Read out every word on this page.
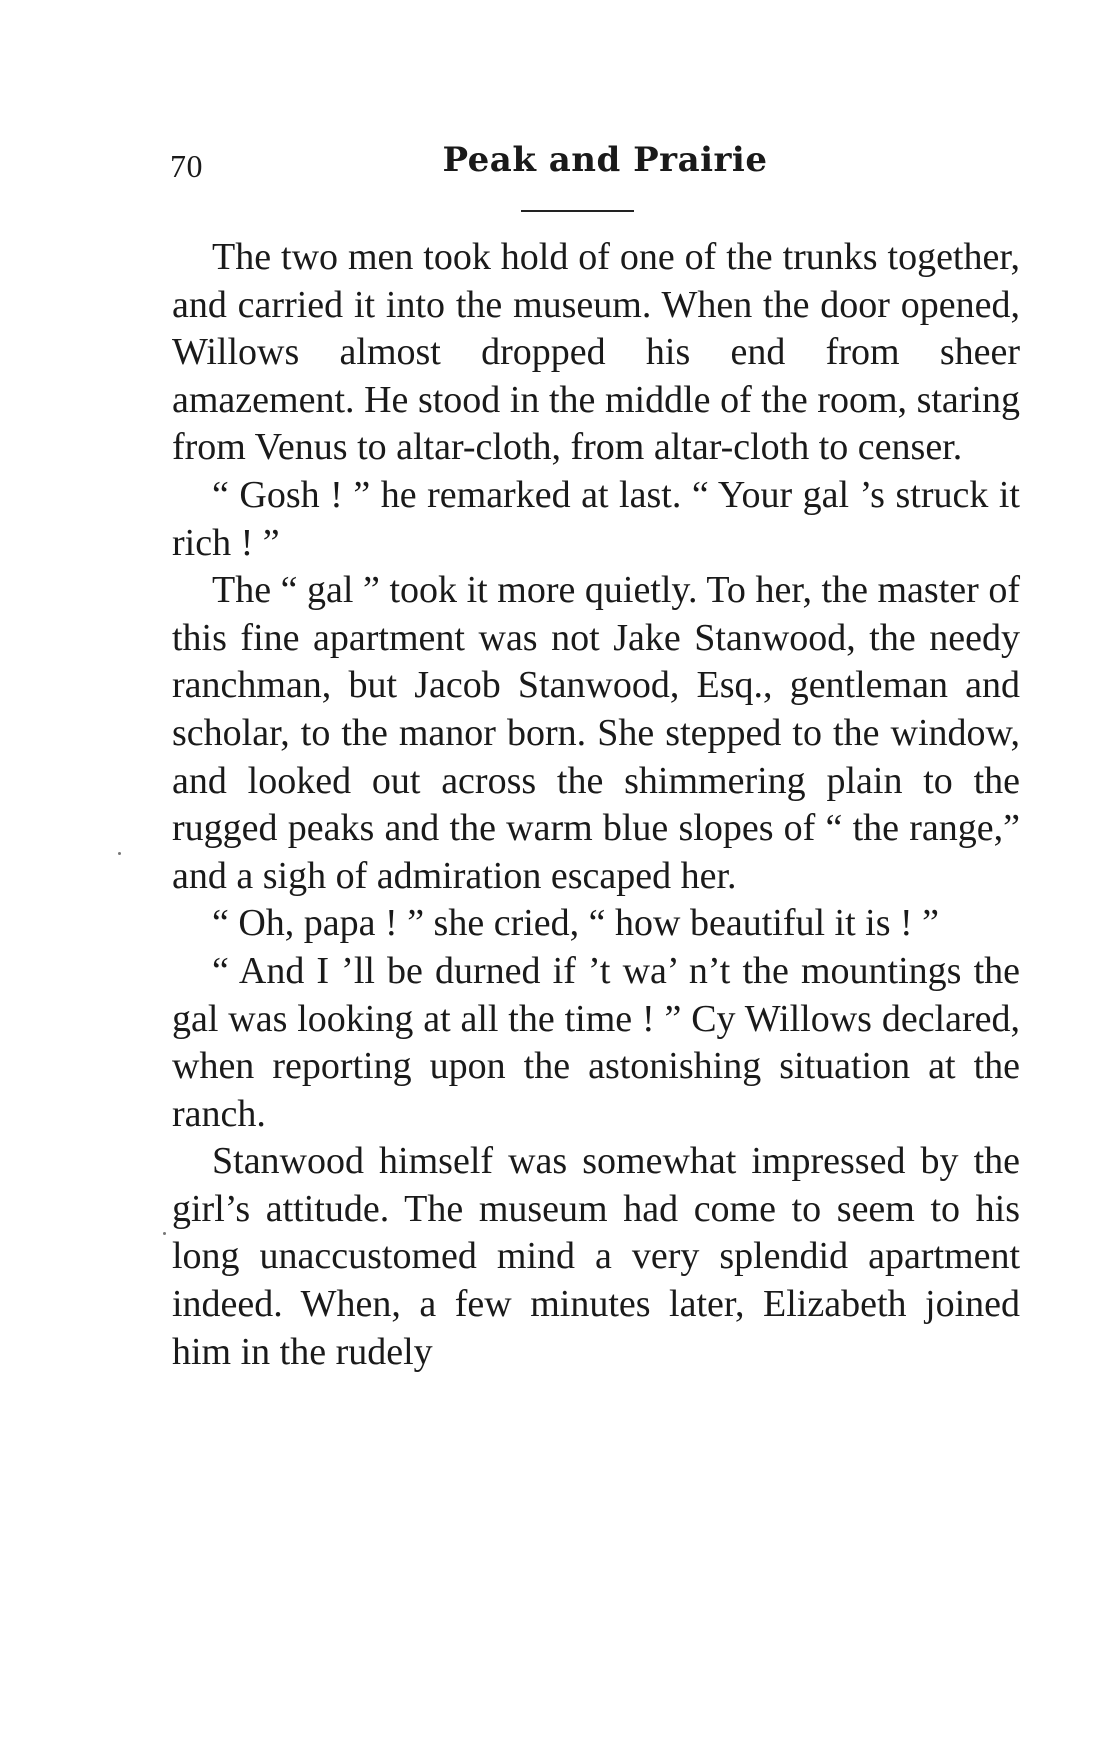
70	Peak and Prairie

The two men took hold of one of the trunks together, and carried it into the museum. When the door opened, Willows almost dropped his end from sheer amazement. He stood in the middle of the room, staring from Venus to altar-cloth, from altar-cloth to censer.

“ Gosh ! ” he remarked at last. “ Your gal ’s struck it rich ! ”

The “ gal ” took it more quietly. To her, the master of this fine apartment was not Jake Stanwood, the needy ranchman, but Jacob Stanwood, Esq., gentleman and scholar, to the manor born. She stepped to the window, and looked out across the shimmering plain to the rugged peaks and the warm blue slopes of “ the range,” and a sigh of admiration escaped her.

“ Oh, papa ! ” she cried, “ how beautiful it is ! ”

“ And I ’ll be durned if ’t wa’ n’t the mountings the gal was looking at all the time ! ” Cy Willows declared, when reporting upon the astonishing situation at the ranch.

Stanwood himself was somewhat impressed by the girl’s attitude. The museum had come to seem to his long unaccustomed mind a very splendid apartment indeed. When, a few minutes later, Elizabeth joined him in the rudely
